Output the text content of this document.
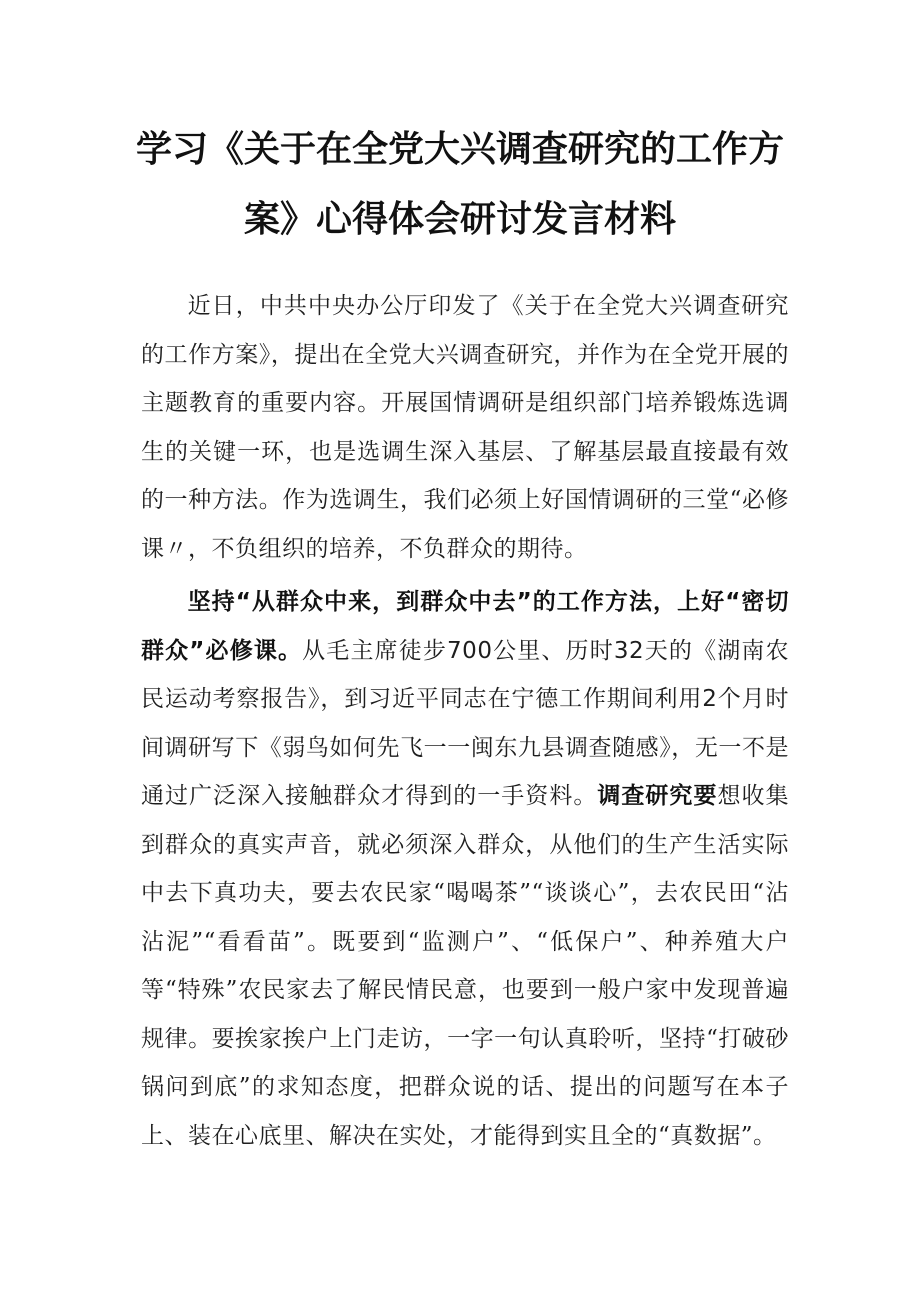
学习《关于在全党大兴调查研究的工作方
案》心得体会研讨发言材料

近日，中共中央办公厅印发了《关于在全党大兴调查研究的工作方案》，提出在全党大兴调查研究，并作为在全党开展的主题教育的重要内容。开展国情调研是组织部门培养锻炼选调生的关键一环，也是选调生深入基层、了解基层最直接最有效的一种方法。作为选调生，我们必须上好国情调研的三堂“必修课〃，不负组织的培养，不负群众的期待。

坚持“从群众中来，到群众中去”的工作方法，上好“密切群众”必修课。从毛主席徒步700公里、历时32天的《湖南农民运动考察报告》，到习近平同志在宁德工作期间利用2个月时间调研写下《弱鸟如何先飞一一闽东九县调查随感》，无一不是通过广泛深入接触群众才得到的一手资料。调查研究要想收集到群众的真实声音，就必须深入群众，从他们的生产生活实际中去下真功夫，要去农民家“喝喝茶”“谈谈心”，去农民田“沾沾泥”“看看苗”。既要到“监测户”、“低保户”、种养殖大户等“特殊”农民家去了解民情民意，也要到一般户家中发现普遍规律。要挨家挨户上门走访，一字一句认真聆听，坚持“打破砂锅问到底”的求知态度，把群众说的话、提出的问题写在本子上、装在心底里、解决在实处，才能得到实且全的“真数据”。
